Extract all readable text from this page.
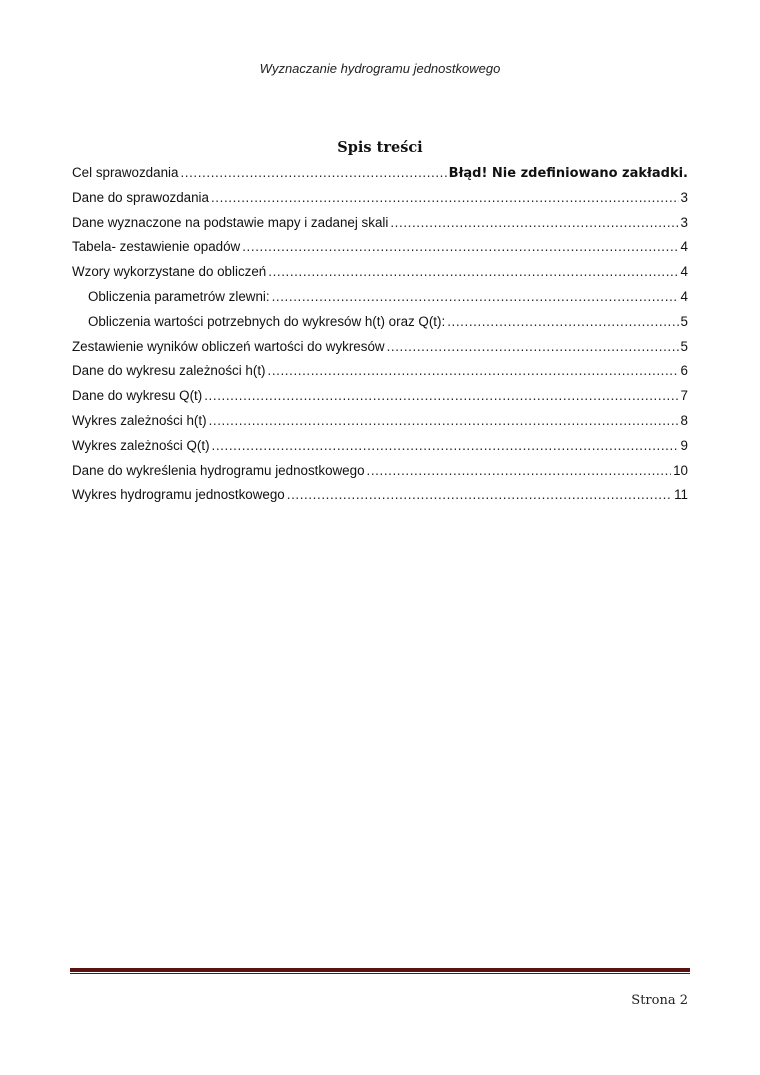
Wyznaczanie hydrogramu jednostkowego
Spis treści
Cel sprawozdania .....	Błąd! Nie zdefiniowano zakładki.
Dane do sprawozdania .....	3
Dane wyznaczone na podstawie mapy i zadanej skali .....	3
Tabela- zestawienie opadów .....	4
Wzory wykorzystane do obliczeń .....	4
Obliczenia parametrów zlewni: .....	4
Obliczenia wartości potrzebnych do wykresów h(t) oraz Q(t): .....	5
Zestawienie wyników obliczeń wartości do wykresów .....	5
Dane do wykresu zależności h(t) .....	6
Dane do wykresu Q(t) .....	7
Wykres zależności h(t) .....	8
Wykres zależności Q(t) .....	9
Dane do wykreślenia hydrogramu jednostkowego .....	10
Wykres hydrogramu jednostkowego .....	11
Strona 2
